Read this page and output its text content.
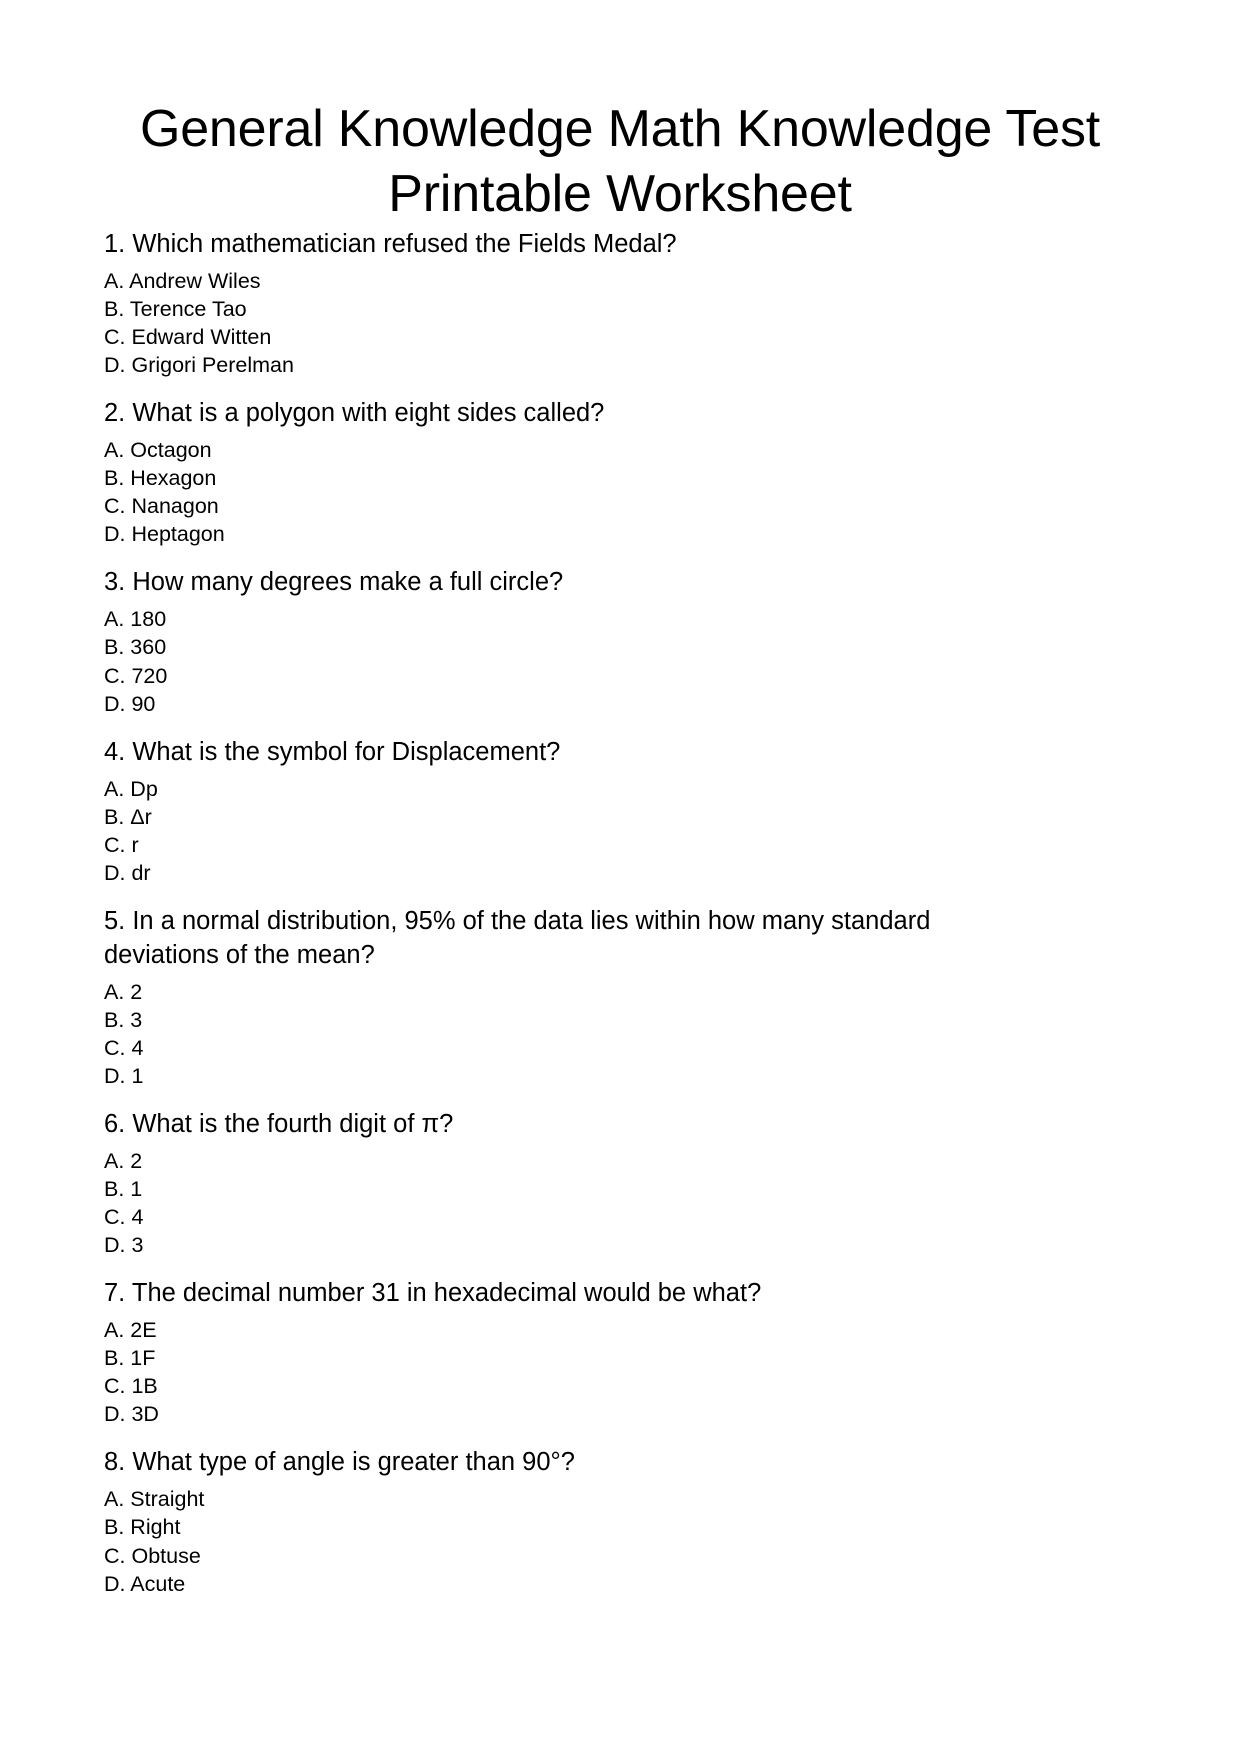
General Knowledge Math Knowledge Test Printable Worksheet

1. Which mathematician refused the Fields Medal?

A. Andrew Wiles
B. Terence Tao
C. Edward Witten
D. Grigori Perelman

2. What is a polygon with eight sides called?

A. Octagon
B. Hexagon
C. Nanagon
D. Heptagon

3. How many degrees make a full circle?

A. 180
B. 360
C. 720
D. 90

4. What is the symbol for Displacement?

A. Dp
B. Δr
C. r
D. dr

5. In a normal distribution, 95% of the data lies within how many standard deviations of the mean?

A. 2
B. 3
C. 4
D. 1

6. What is the fourth digit of π?

A. 2
B. 1
C. 4
D. 3

7. The decimal number 31 in hexadecimal would be what?

A. 2E
B. 1F
C. 1B
D. 3D

8. What type of angle is greater than 90°?

A. Straight
B. Right
C. Obtuse
D. Acute
